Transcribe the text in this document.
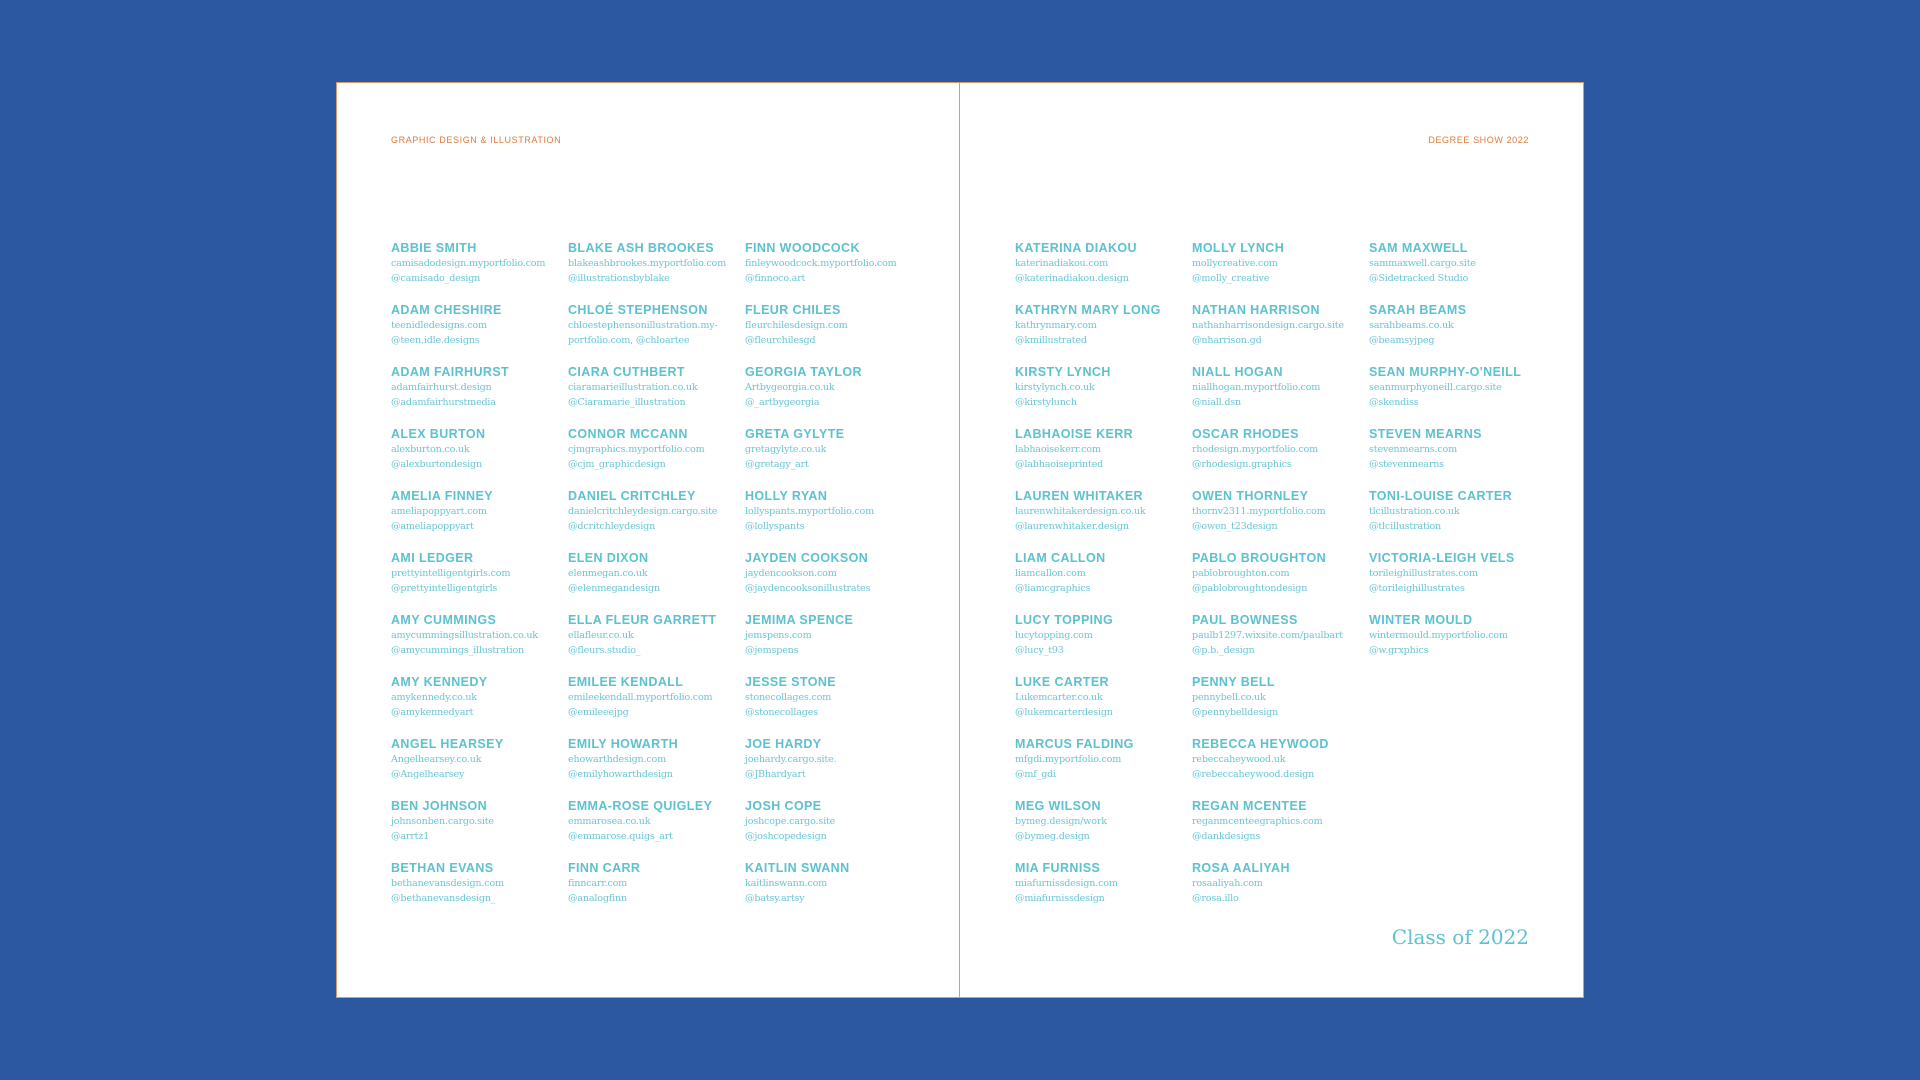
GRAPHIC DESIGN & ILLUSTRATION
ABBIE SMITH
camisadodesign.myportfolio.com
@camisado_design
ADAM CHESHIRE
teenidledesigns.com
@teen.idle.designs
ADAM FAIRHURST
adamfairhurst.design
@adamfairhurstmedia
ALEX BURTON
alexburton.co.uk
@alexburtondesign
AMELIA FINNEY
ameliapoppyart.com
@ameliapoppyart
AMI LEDGER
prettyintelligentgirls.com
@prettyintelligentgirls
AMY CUMMINGS
amycummingsillustration.co.uk
@amycummings_illustration
AMY KENNEDY
amykennedy.co.uk
@amykennedyart
ANGEL HEARSEY
Angelhearsey.co.uk
@Angelhearsey
BEN JOHNSON
johnsonben.cargo.site
@arrtz1
BETHAN EVANS
bethanevansdesign.com
@bethanevansdesign_
BLAKE ASH BROOKES
blakeashbrookes.myportfolio.com
@illustrationsbyblake
CHLOÉ STEPHENSON
chloestephensonillustration.my-
portfolio.com, @chloartee
CIARA CUTHBERT
ciaramarieillustration.co.uk
@Ciaramarie_illustration
CONNOR MCCANN
cjmgraphics.myportfolio.com
@cjm_graphicdesign
DANIEL CRITCHLEY
danielcritchleydesign.cargo.site
@dcritchleydesign
ELEN DIXON
elenmegan.co.uk
@elenmegandesign
ELLA FLEUR GARRETT
ellafleur.co.uk
@fleurs.studio_
EMILEE KENDALL
emileekendall.myportfolio.com
@emileeejpg
EMILY HOWARTH
ehowarthdesign.com
@emilyhowarthdesign
EMMA-ROSE QUIGLEY
emmarosea.co.uk
@emmarose.quigs_art
FINN CARR
finncarr.com
@analogfinn
FINN WOODCOCK
finleywoodcock.myportfolio.com
@finnoco.art
FLEUR CHILES
fleurchilesdesign.com
@fleurchilesgd
GEORGIA TAYLOR
Artbygeorgia.co.uk
@_artbygeorgia
GRETA GYLYTE
gretagylyte.co.uk
@gretagy_art
HOLLY RYAN
lollyspants.myportfolio.com
@lollyspants
JAYDEN COOKSON
jaydencookson.com
@jaydencooksonillustrates
JEMIMA SPENCE
jemspens.com
@jemspens
JESSE STONE
stonecollages.com
@stonecollages
JOE HARDY
joehardy.cargo.site.
@JBhardyart
JOSH COPE
joshcope.cargo.site
@joshcopedesign
KAITLIN SWANN
kaitlinswann.com
@batsy.artsy
DEGREE SHOW 2022
KATERINA DIAKOU
katerinadiakou.com
@katerinadiakou.design
KATHRYN MARY LONG
kathrynmary.com
@kmillustrated
KIRSTY LYNCH
kirstylynch.co.uk
@kirstylunch
LABHAOISE KERR
labhaoisekerr.com
@labhaoiseprinted
LAUREN WHITAKER
laurenwhitakerdesign.co.uk
@laurenwhitaker.design
LIAM CALLON
liamcallon.com
@liamcgraphics
LUCY TOPPING
lucytopping.com
@lucy_t93
LUKE CARTER
Lukemcarter.co.uk
@lukemcarterdesign
MARCUS FALDING
mfgdi.myportfolio.com
@mf_gdi
MEG WILSON
bymeg.design/work
@bymeg.design
MIA FURNISS
miafurnissdesign.com
@miafurnissdesign
MOLLY LYNCH
mollycreative.com
@molly_creative
NATHAN HARRISON
nathanharrisondesign.cargo.site
@nharrison.gd
NIALL HOGAN
niallhogan.myportfolio.com
@niall.dsn
OSCAR RHODES
rhodesign.myportfolio.com
@rhodesign.graphics
OWEN THORNLEY
thornv2311.myportfolio.com
@owen_t23design
PABLO BROUGHTON
pablobroughton.com
@pablobroughtondesign
PAUL BOWNESS
paulb1297.wixsite.com/paulbart
@p.b._design
PENNY BELL
pennybell.co.uk
@pennybelldesign
REBECCA HEYWOOD
rebeccaheywood.uk
@rebeccaheywood.design
REGAN MCENTEE
reganmcenteegraphics.com
@dankdesigns
ROSA AALIYAH
rosaaliyah.com
@rosa.illo
SAM MAXWELL
sammaxwell.cargo.site
@Sidetracked Studio
SARAH BEAMS
sarahbeams.co.uk
@beamsyjpeg
SEAN MURPHY-O'NEILL
seanmurphyoneill.cargo.site
@skendiss
STEVEN MEARNS
stevenmearns.com
@stevenmearns
TONI-LOUISE CARTER
tlcillustration.co.uk
@tlcillustration
VICTORIA-LEIGH VELS
torileighillustrates.com
@torileighillustrates
WINTER MOULD
wintermould.myportfolio.com
@w.grxphics
Class of 2022
